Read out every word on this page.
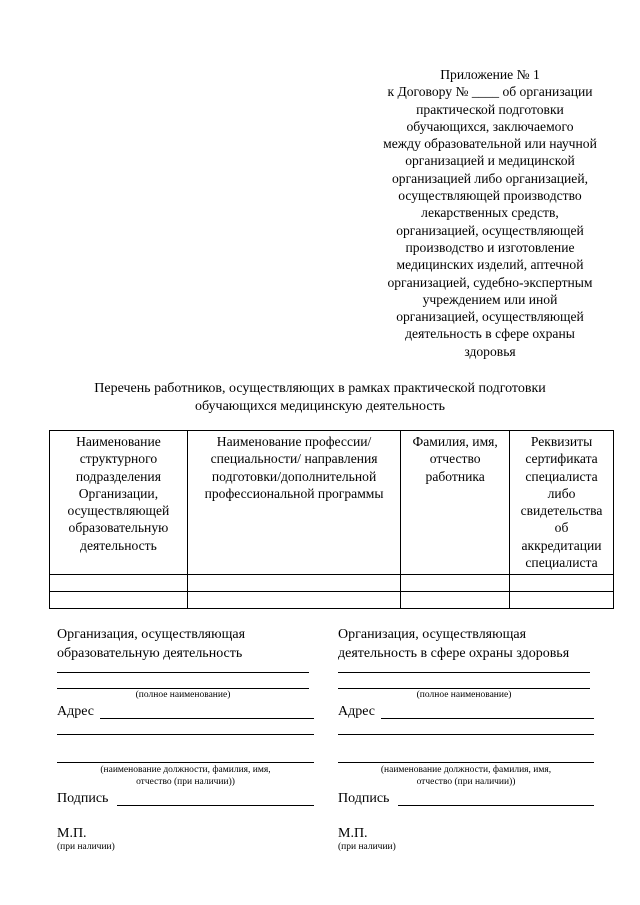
Приложение № 1
к Договору № ____ об организации
практической подготовки
обучающихся, заключаемого
между образовательной или научной
организацией и медицинской
организацией либо организацией,
осуществляющей производство
лекарственных средств,
организацией, осуществляющей
производство и изготовление
медицинских изделий, аптечной
организацией, судебно-экспертным
учреждением или иной
организацией, осуществляющей
деятельность в сфере охраны
здоровья
Перечень работников, осуществляющих в рамках практической подготовки
обучающихся медицинскую деятельность
Наименование структурного подразделения Организации, осуществляющей образовательную деятельность	Наименование профессии/специальности/ направления подготовки/дополнительной профессиональной программы	Фамилия, имя, отчество работника	Реквизиты сертификата специалиста либо свидетельства об аккредитации специалиста

Организация, осуществляющая
образовательную деятельность
(полное наименование)
Адрес
(наименование должности, фамилия, имя,
отчество (при наличии))
Подпись
М.П.
(при наличии)
Организация, осуществляющая
деятельность в сфере охраны здоровья
(полное наименование)
Адрес
(наименование должности, фамилия, имя,
отчество (при наличии))
Подпись
М.П.
(при наличии)
